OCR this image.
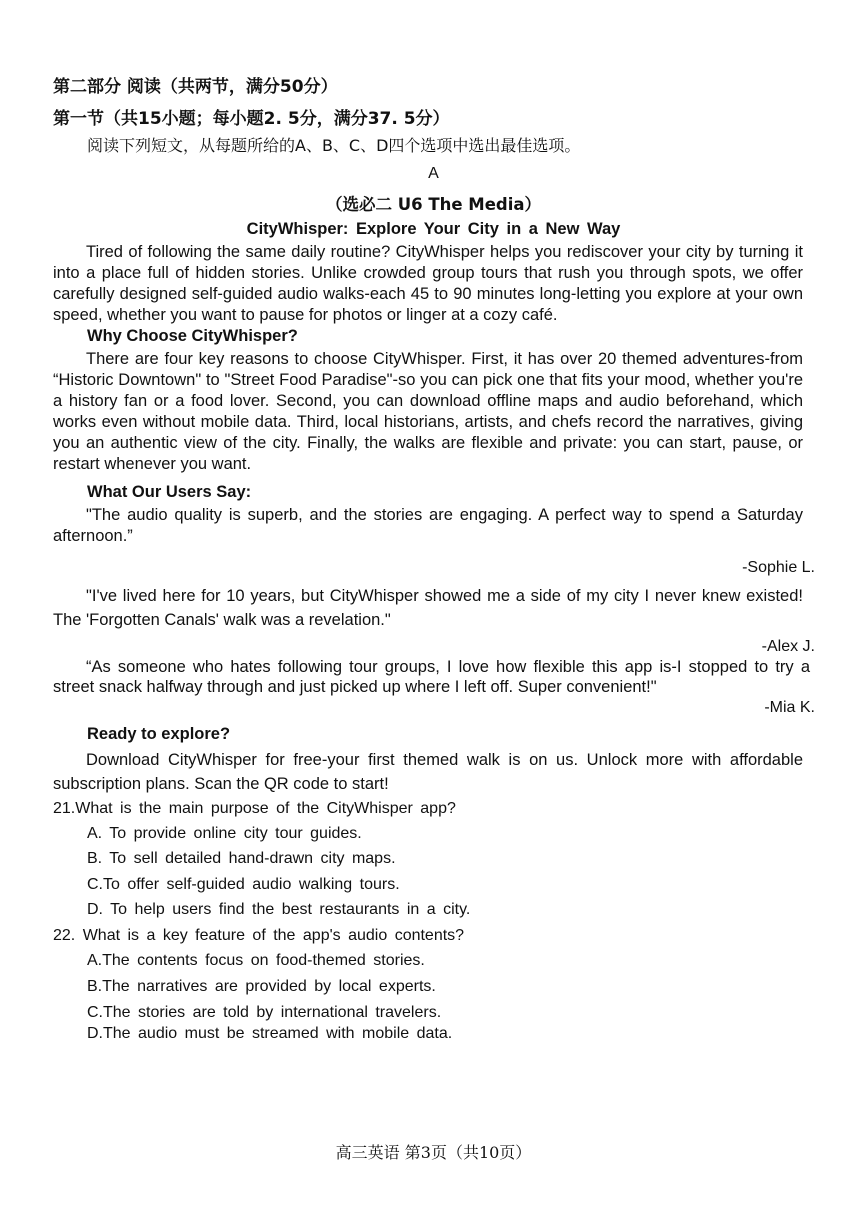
第二部分 阅读（共两节，满分50分）
第一节（共15小题；每小题2. 5分，满分37. 5分）
阅读下列短文，从每题所给的A、B、C、D四个选项中选出最佳选项。
A
（选必二 U6 The Media）
CityWhisper: Explore Your City in a New Way
Tired of following the same daily routine? CityWhisper helps you rediscover your city by turning it into a place full of hidden stories. Unlike crowded group tours that rush you through spots, we offer carefully designed self-guided audio walks-each 45 to 90 minutes long-letting you explore at your own speed, whether you want to pause for photos or linger at a cozy café.
Why Choose CityWhisper?
There are four key reasons to choose CityWhisper. First, it has over 20 themed adventures-from “Historic Downtown" to "Street Food Paradise"-so you can pick one that fits your mood, whether you're a history fan or a food lover. Second, you can download offline maps and audio beforehand, which works even without mobile data. Third, local historians, artists, and chefs record the narratives, giving you an authentic view of the city. Finally, the walks are flexible and private: you can start, pause, or restart whenever you want.
What Our Users Say:
"The audio quality is superb, and the stories are engaging. A perfect way to spend a Saturday afternoon.”
-Sophie L.
"I've lived here for 10 years, but CityWhisper showed me a side of my city I never knew existed! The 'Forgotten Canals' walk was a revelation."
-Alex J.
“As someone who hates following tour groups, I love how flexible this app is-I stopped to try a street snack halfway through and just picked up where I left off. Super convenient!"
-Mia K.
Ready to explore?
Download CityWhisper for free-your first themed walk is on us. Unlock more with affordable subscription plans. Scan the QR code to start!
21.What is the main purpose of the CityWhisper app?
A. To provide online city tour guides.
B. To sell detailed hand-drawn city maps.
C.To offer self-guided audio walking tours.
D. To help users find the best restaurants in a city.
22. What is a key feature of the app's audio contents?
A.The contents focus on food-themed stories.
B.The narratives are provided by local experts.
C.The stories are told by international travelers.
D.The audio must be streamed with mobile data.
高三英语 第3页（共10页）
